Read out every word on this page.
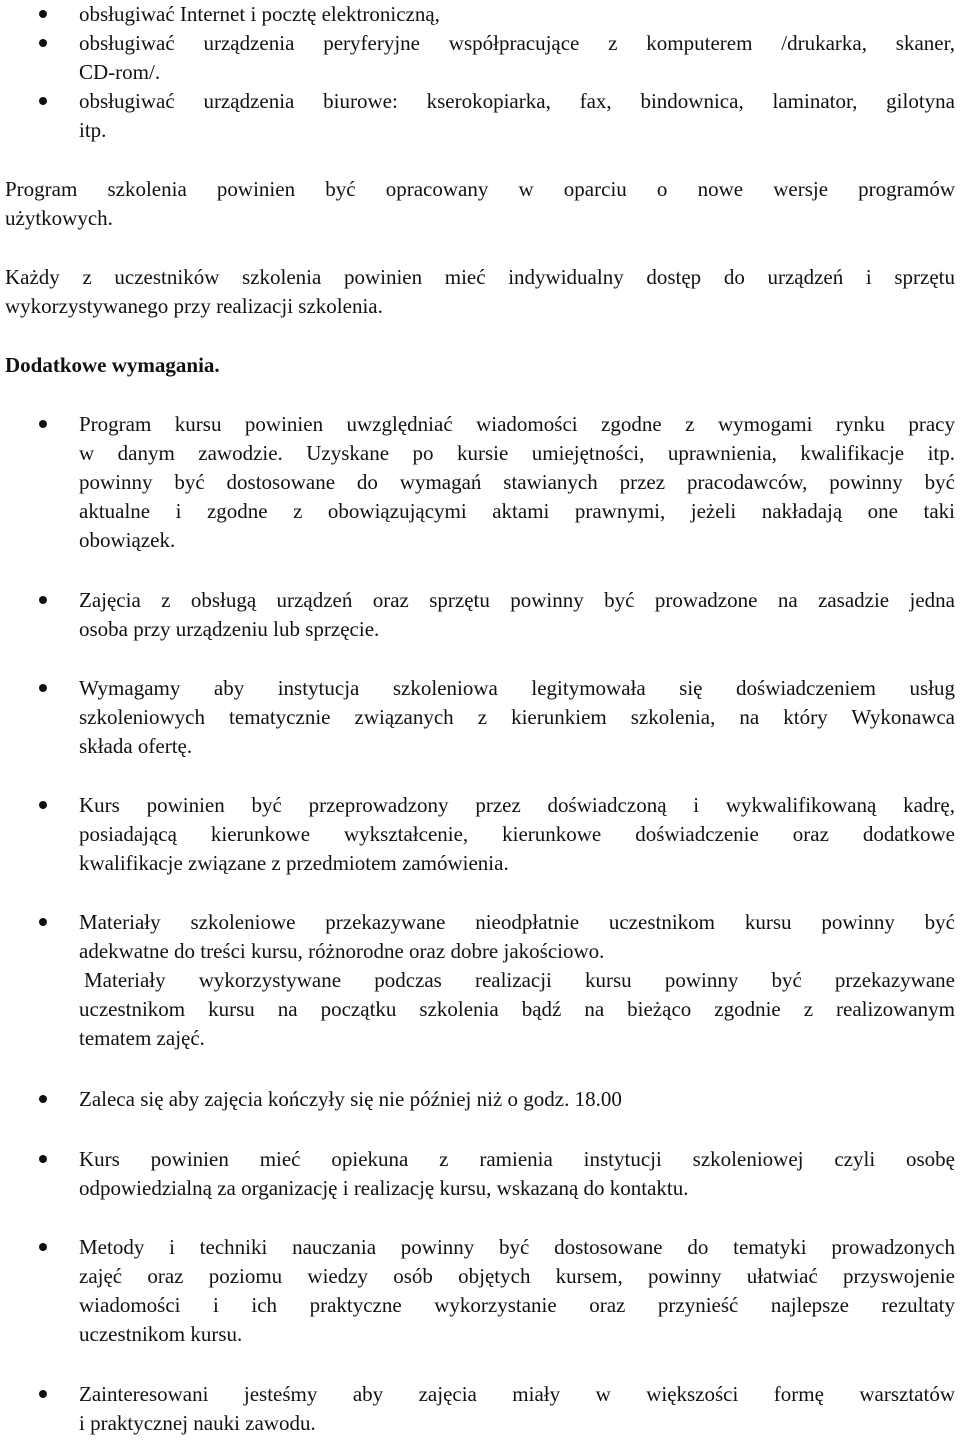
obsługiwać Internet i pocztę elektroniczną,
obsługiwać urządzenia peryferyjne współpracujące z komputerem /drukarka, skaner,
CD-rom/.
obsługiwać urządzenia biurowe: kserokopiarka, fax, bindownica, laminator, gilotyna
itp.
Program szkolenia powinien być opracowany w oparciu o nowe wersje programów
użytkowych.
Każdy z uczestników szkolenia powinien mieć indywidualny dostęp do urządzeń i sprzętu
wykorzystywanego przy realizacji szkolenia.
Dodatkowe wymagania.
Program kursu powinien uwzględniać wiadomości zgodne z wymogami rynku pracy
w danym zawodzie. Uzyskane po kursie umiejętności, uprawnienia, kwalifikacje itp.
powinny być dostosowane do wymagań stawianych przez pracodawców, powinny być
aktualne i zgodne z obowiązującymi aktami prawnymi, jeżeli nakładają one taki
obowiązek.
Zajęcia z obsługą urządzeń oraz sprzętu powinny być prowadzone na zasadzie jedna
osoba przy urządzeniu lub sprzęcie.
Wymagamy aby instytucja szkoleniowa legitymowała się doświadczeniem usług
szkoleniowych tematycznie związanych z kierunkiem szkolenia, na który Wykonawca
składa ofertę.
Kurs powinien być przeprowadzony przez doświadczoną i wykwalifikowaną kadrę,
posiadającą kierunkowe wykształcenie, kierunkowe doświadczenie oraz dodatkowe
kwalifikacje związane z przedmiotem zamówienia.
Materiały szkoleniowe przekazywane nieodpłatnie uczestnikom kursu powinny być
adekwatne do treści kursu, różnorodne oraz dobre jakościowo.
Materiały wykorzystywane podczas realizacji kursu powinny być przekazywane
uczestnikom kursu na początku szkolenia bądź na bieżąco zgodnie z realizowanym
tematem zajęć.
Zaleca się aby zajęcia kończyły się nie później niż o godz. 18.00
Kurs powinien mieć opiekuna z ramienia instytucji szkoleniowej czyli osobę
odpowiedzialną za organizację i realizację kursu, wskazaną do kontaktu.
Metody i techniki nauczania powinny być dostosowane do tematyki prowadzonych
zajęć oraz poziomu wiedzy osób objętych kursem, powinny ułatwiać przyswojenie
wiadomości i ich praktyczne wykorzystanie oraz przynieść najlepsze rezultaty
uczestnikom kursu.
Zainteresowani jesteśmy aby zajęcia miały w większości formę warsztatów
i praktycznej nauki zawodu.
